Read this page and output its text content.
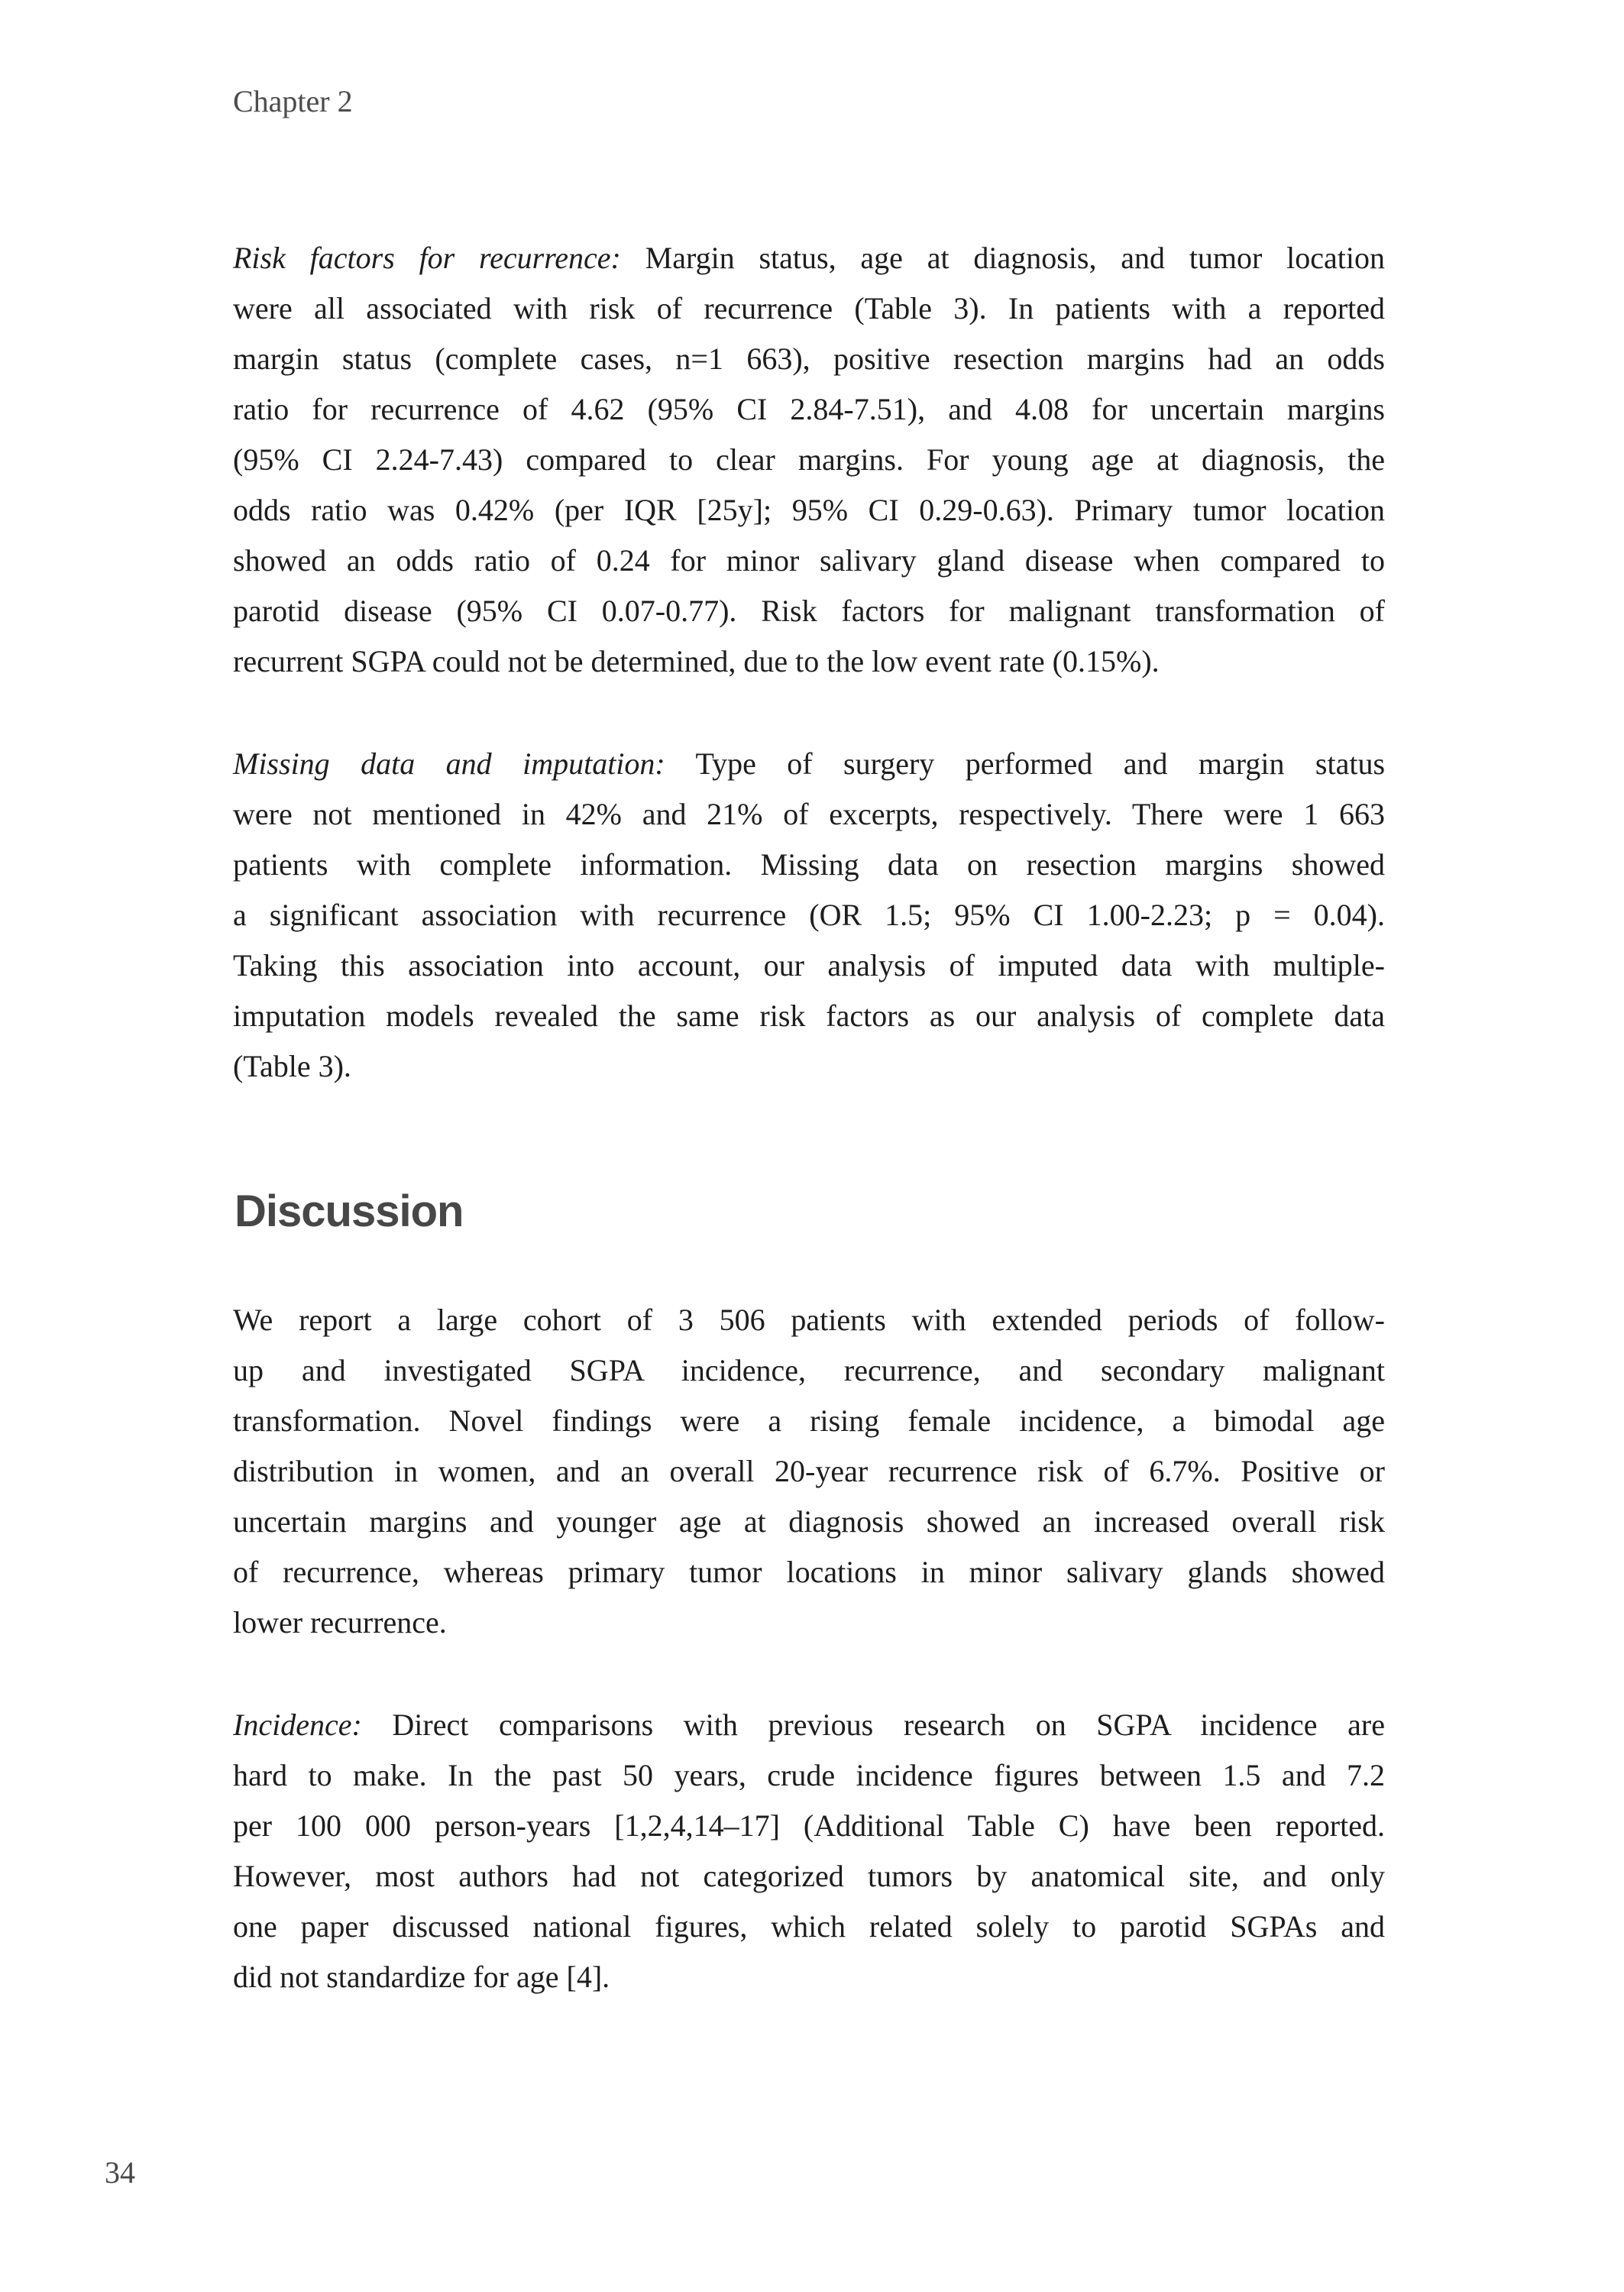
Chapter 2
Risk factors for recurrence: Margin status, age at diagnosis, and tumor location
were all associated with risk of recurrence (Table 3). In patients with a reported
margin status (complete cases, n=1 663), positive resection margins had an odds
ratio for recurrence of 4.62 (95% CI 2.84-7.51), and 4.08 for uncertain margins
(95% CI 2.24-7.43) compared to clear margins. For young age at diagnosis, the
odds ratio was 0.42% (per IQR [25y]; 95% CI 0.29-0.63). Primary tumor location
showed an odds ratio of 0.24 for minor salivary gland disease when compared to
parotid disease (95% CI 0.07-0.77). Risk factors for malignant transformation of
recurrent SGPA could not be determined, due to the low event rate (0.15%).
Missing data and imputation: Type of surgery performed and margin status
were not mentioned in 42% and 21% of excerpts, respectively. There were 1 663
patients with complete information. Missing data on resection margins showed
a significant association with recurrence (OR 1.5; 95% CI 1.00-2.23; p = 0.04).
Taking this association into account, our analysis of imputed data with multiple-
imputation models revealed the same risk factors as our analysis of complete data
(Table 3).
Discussion
We report a large cohort of 3 506 patients with extended periods of follow-
up and investigated SGPA incidence, recurrence, and secondary malignant
transformation. Novel findings were a rising female incidence, a bimodal age
distribution in women, and an overall 20-year recurrence risk of 6.7%. Positive or
uncertain margins and younger age at diagnosis showed an increased overall risk
of recurrence, whereas primary tumor locations in minor salivary glands showed
lower recurrence.
Incidence: Direct comparisons with previous research on SGPA incidence are
hard to make. In the past 50 years, crude incidence figures between 1.5 and 7.2
per 100 000 person-years [1,2,4,14–17] (Additional Table C) have been reported.
However, most authors had not categorized tumors by anatomical site, and only
one paper discussed national figures, which related solely to parotid SGPAs and
did not standardize for age [4].
34
